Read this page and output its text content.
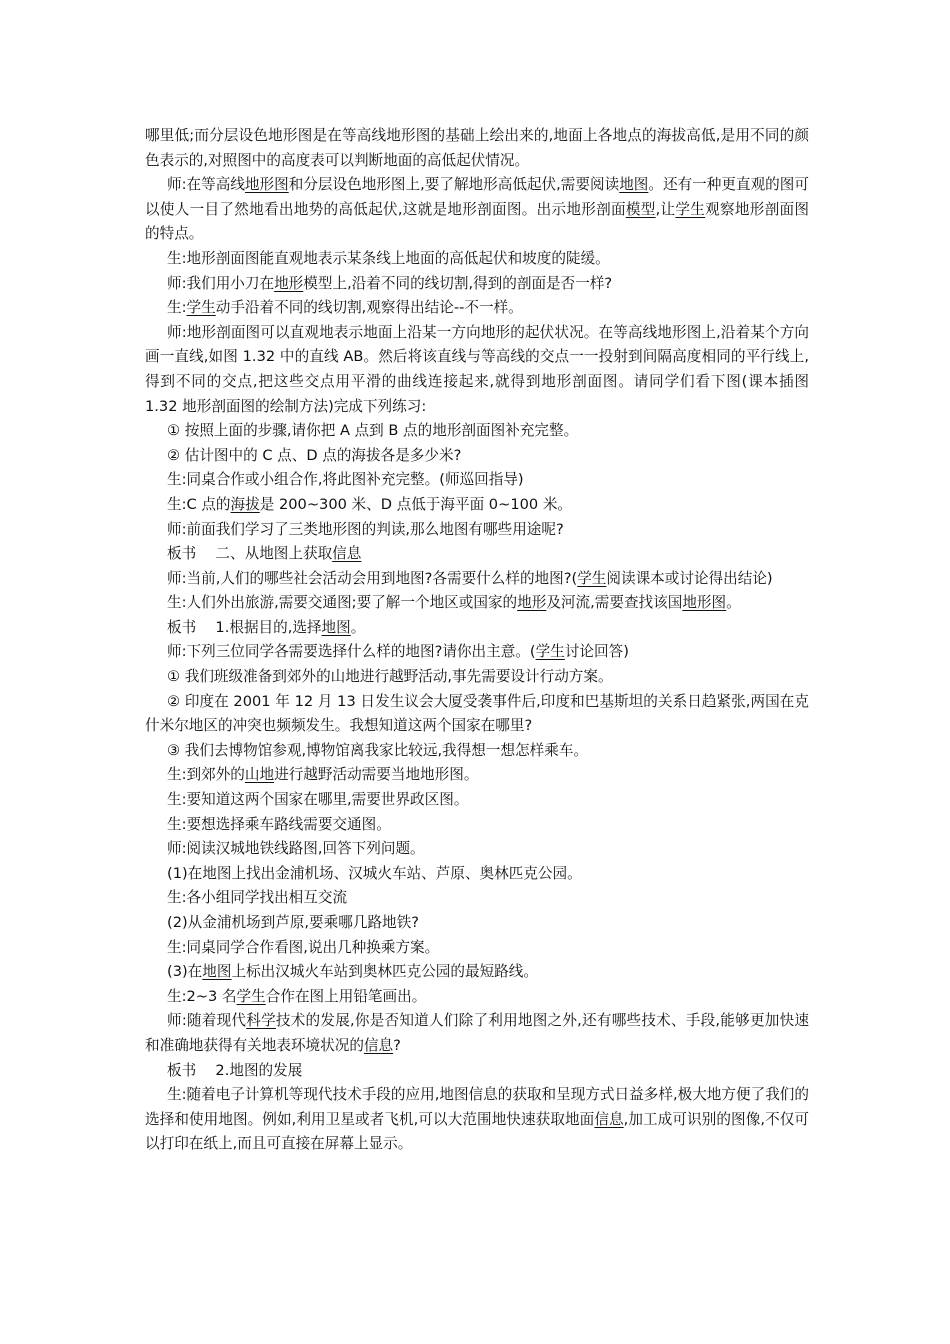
哪里低;而分层设色地形图是在等高线地形图的基础上绘出来的,地面上各地点的海拔高低,是用不同的颜色表示的,对照图中的高度表可以判断地面的高低起伏情况。

师:在等高线地形图和分层设色地形图上,要了解地形高低起伏,需要阅读地图。还有一种更直观的图可以使人一目了然地看出地势的高低起伏,这就是地形剖面图。出示地形剖面模型,让学生观察地形剖面图的特点。

生:地形剖面图能直观地表示某条线上地面的高低起伏和坡度的陡缓。

师:我们用小刀在地形模型上,沿着不同的线切割,得到的剖面是否一样?

生:学生动手沿着不同的线切割,观察得出结论--不一样。

师:地形剖面图可以直观地表示地面上沿某一方向地形的起伏状况。在等高线地形图上,沿着某个方向画一直线,如图 1.32 中的直线 AB。然后将该直线与等高线的交点一一投射到间隔高度相同的平行线上,得到不同的交点,把这些交点用平滑的曲线连接起来,就得到地形剖面图。请同学们看下图(课本插图 1.32 地形剖面图的绘制方法)完成下列练习:

① 按照上面的步骤,请你把 A 点到 B 点的地形剖面图补充完整。

② 估计图中的 C 点、D 点的海拔各是多少米?

生:同桌合作或小组合作,将此图补充完整。(师巡回指导)

生:C 点的海拔是 200~300 米、D 点低于海平面 0~100 米。

师:前面我们学习了三类地形图的判读,那么地图有哪些用途呢?

板书　 二、从地图上获取信息

师:当前,人们的哪些社会活动会用到地图?各需要什么样的地图?(学生阅读课本或讨论得出结论)

生:人们外出旅游,需要交通图;要了解一个地区或国家的地形及河流,需要查找该国地形图。

板书　 1.根据目的,选择地图。

师:下列三位同学各需要选择什么样的地图?请你出主意。(学生讨论回答)

① 我们班级准备到郊外的山地进行越野活动,事先需要设计行动方案。

② 印度在 2001 年 12 月 13 日发生议会大厦受袭事件后,印度和巴基斯坦的关系日趋紧张,两国在克什米尔地区的冲突也频频发生。我想知道这两个国家在哪里?

③ 我们去博物馆参观,博物馆离我家比较远,我得想一想怎样乘车。

生:到郊外的山地进行越野活动需要当地地形图。

生:要知道这两个国家在哪里,需要世界政区图。

生:要想选择乘车路线需要交通图。

师:阅读汉城地铁线路图,回答下列问题。

(1)在地图上找出金浦机场、汉城火车站、芦原、奥林匹克公园。

生:各小组同学找出相互交流

(2)从金浦机场到芦原,要乘哪几路地铁?

生:同桌同学合作看图,说出几种换乘方案。

(3)在地图上标出汉城火车站到奥林匹克公园的最短路线。

生:2~3 名学生合作在图上用铅笔画出。

师:随着现代科学技术的发展,你是否知道人们除了利用地图之外,还有哪些技术、手段,能够更加快速和准确地获得有关地表环境状况的信息?

板书　 2.地图的发展

生:随着电子计算机等现代技术手段的应用,地图信息的获取和呈现方式日益多样,极大地方便了我们的选择和使用地图。例如,利用卫星或者飞机,可以大范围地快速获取地面信息,加工成可识别的图像,不仅可以打印在纸上,而且可直接在屏幕上显示。
